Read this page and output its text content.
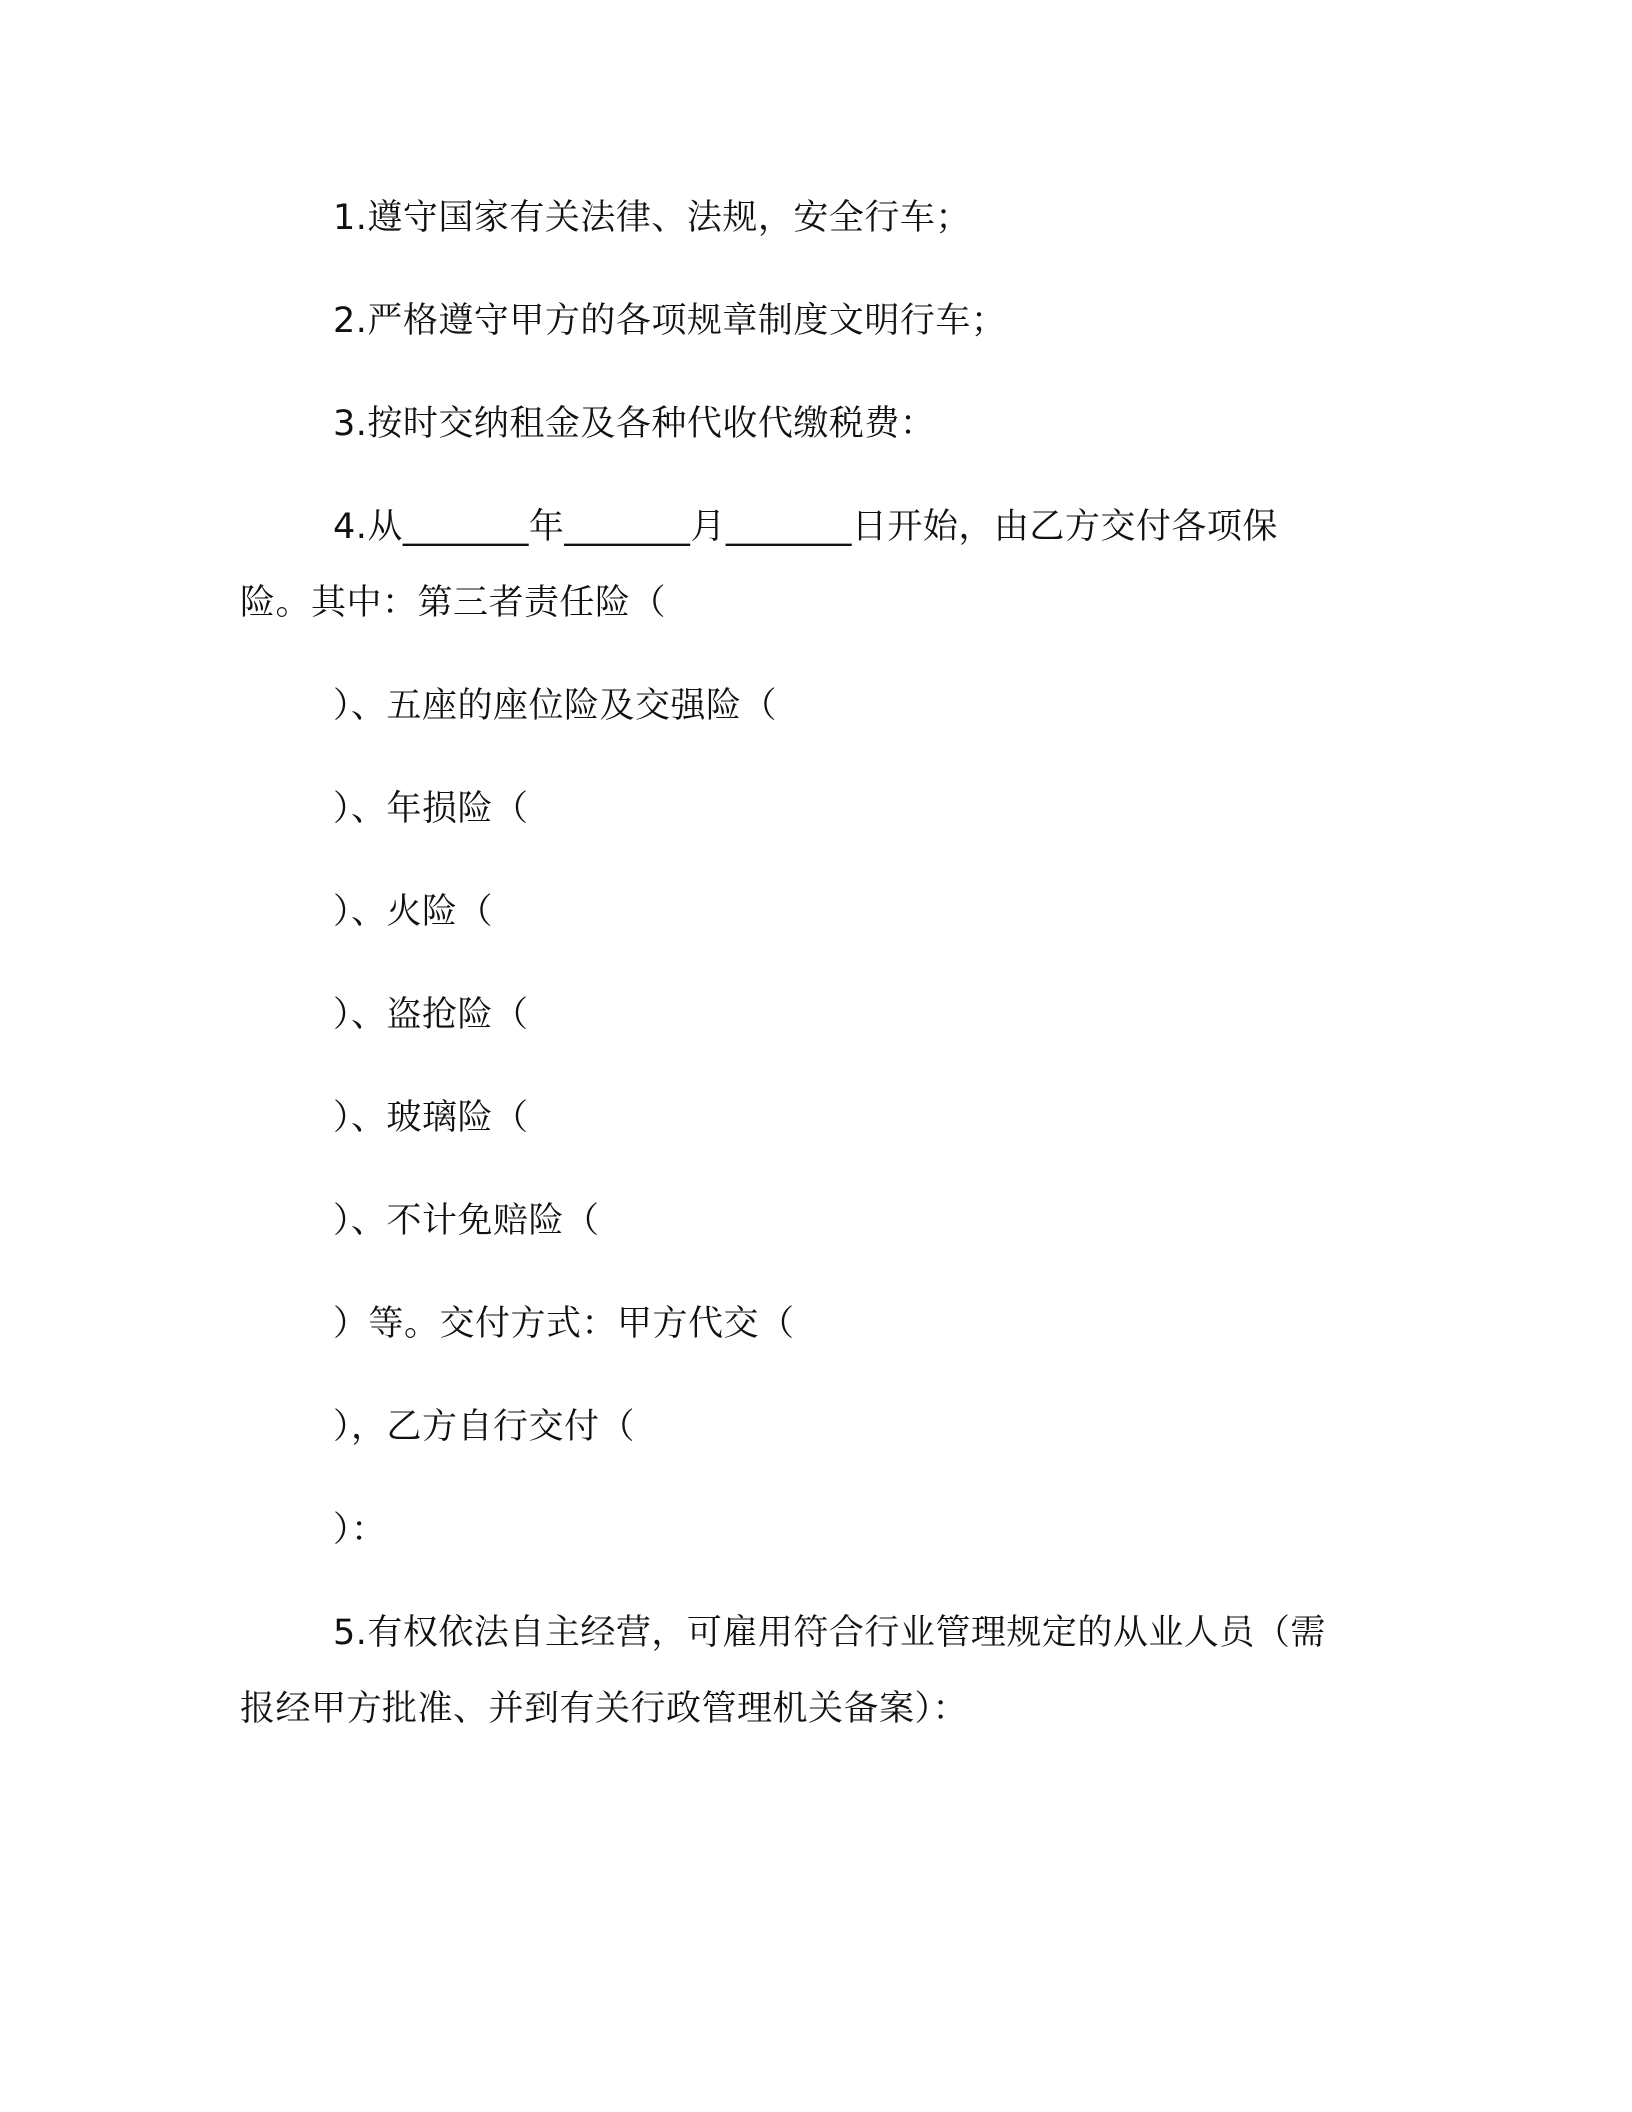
1.遵守国家有关法律、法规，安全行车；
2.严格遵守甲方的各项规章制度文明行车；
3.按时交纳租金及各种代收代缴税费：
4.从_______年_______月_______日开始，由乙方交付各项保
险。其中：第三者责任险（
）、五座的座位险及交强险（
）、年损险（
）、火险（
）、盗抢险（
）、玻璃险（
）、不计免赔险（
）等。交付方式：甲方代交（
），乙方自行交付（
）：
5.有权依法自主经营，可雇用符合行业管理规定的从业人员（需
报经甲方批准、并到有关行政管理机关备案）：
